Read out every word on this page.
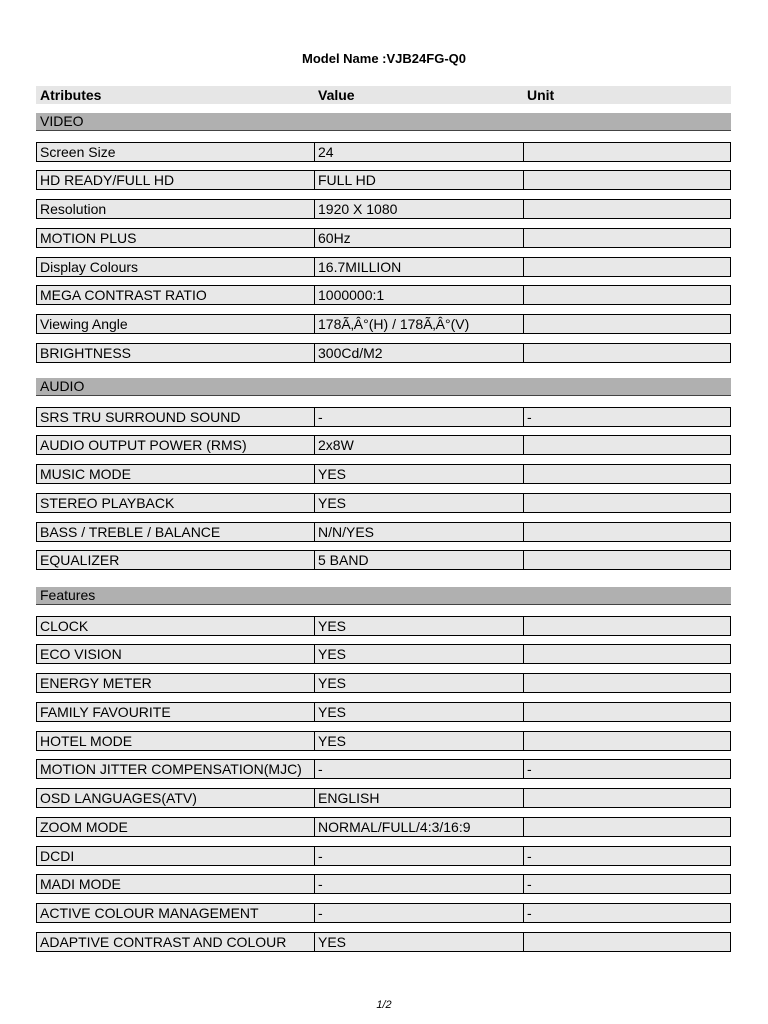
Model Name :VJB24FG-Q0
Atributes	Value	Unit
VIDEO
Screen Size	24
HD READY/FULL HD	FULL HD
Resolution	1920 X 1080
MOTION PLUS	60Hz
Display Colours	16.7MILLION
MEGA CONTRAST RATIO	1000000:1
Viewing Angle	178Ã‚Â°(H) / 178Ã‚Â°(V)
BRIGHTNESS	300Cd/M2
AUDIO
SRS TRU SURROUND SOUND	-	-
AUDIO OUTPUT POWER (RMS)	2x8W
MUSIC MODE	YES
STEREO PLAYBACK	YES
BASS / TREBLE / BALANCE	N/N/YES
EQUALIZER	5 BAND
Features
CLOCK	YES
ECO VISION	YES
ENERGY METER	YES
FAMILY FAVOURITE	YES
HOTEL MODE	YES
MOTION JITTER COMPENSATION(MJC)	-	-
OSD LANGUAGES(ATV)	ENGLISH
ZOOM MODE	NORMAL/FULL/4:3/16:9
DCDI	-	-
MADI MODE	-	-
ACTIVE COLOUR MANAGEMENT	-	-
ADAPTIVE CONTRAST AND COLOUR	YES
1/2
